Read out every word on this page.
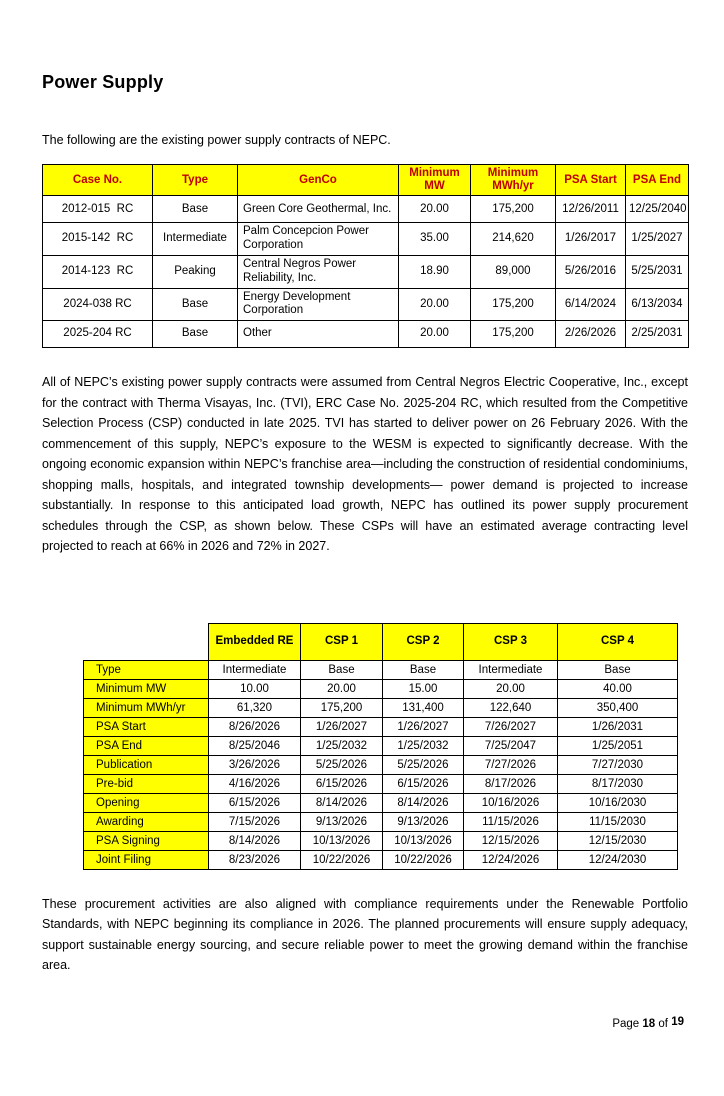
Power Supply

The following are the existing power supply contracts of NEPC.

Case No.	Type	GenCo	Minimum MW	Minimum MWh/yr	PSA Start	PSA End
2012-015  RC	Base	Green Core Geothermal, Inc.	20.00	175,200	12/26/2011	12/25/2040
2015-142  RC	Intermediate	Palm Concepcion Power Corporation	35.00	214,620	1/26/2017	1/25/2027
2014-123  RC	Peaking	Central Negros Power Reliability, Inc.	18.90	89,000	5/26/2016	5/25/2031
2024-038 RC	Base	Energy Development Corporation	20.00	175,200	6/14/2024	6/13/2034
2025-204 RC	Base	Other	20.00	175,200	2/26/2026	2/25/2031

All of NEPC’s existing power supply contracts were assumed from Central Negros Electric Cooperative, Inc., except for the contract with Therma Visayas, Inc. (TVI), ERC Case No. 2025-204 RC, which resulted from the Competitive Selection Process (CSP) conducted in late 2025. TVI has started to deliver power on 26 February 2026. With the commencement of this supply, NEPC’s exposure to the WESM is expected to significantly decrease. With the ongoing economic expansion within NEPC’s franchise area—including the construction of residential condominiums, shopping malls, hospitals, and integrated township developments— power demand is projected to increase substantially. In response to this anticipated load growth, NEPC has outlined its power supply procurement schedules through the CSP, as shown below. These CSPs will have an estimated average contracting level projected to reach at 66% in 2026 and 72% in 2027.

	Embedded RE	CSP 1	CSP 2	CSP 3	CSP 4
Type	Intermediate	Base	Base	Intermediate	Base
Minimum MW	10.00	20.00	15.00	20.00	40.00
Minimum MWh/yr	61,320	175,200	131,400	122,640	350,400
PSA Start	8/26/2026	1/26/2027	1/26/2027	7/26/2027	1/26/2031
PSA End	8/25/2046	1/25/2032	1/25/2032	7/25/2047	1/25/2051
Publication	3/26/2026	5/25/2026	5/25/2026	7/27/2026	7/27/2030
Pre-bid	4/16/2026	6/15/2026	6/15/2026	8/17/2026	8/17/2030
Opening	6/15/2026	8/14/2026	8/14/2026	10/16/2026	10/16/2030
Awarding	7/15/2026	9/13/2026	9/13/2026	11/15/2026	11/15/2030
PSA Signing	8/14/2026	10/13/2026	10/13/2026	12/15/2026	12/15/2030
Joint Filing	8/23/2026	10/22/2026	10/22/2026	12/24/2026	12/24/2030

These procurement activities are also aligned with compliance requirements under the Renewable Portfolio Standards, with NEPC beginning its compliance in 2026. The planned procurements will ensure supply adequacy, support sustainable energy sourcing, and secure reliable power to meet the growing demand within the franchise area.

Page 18 of 19
